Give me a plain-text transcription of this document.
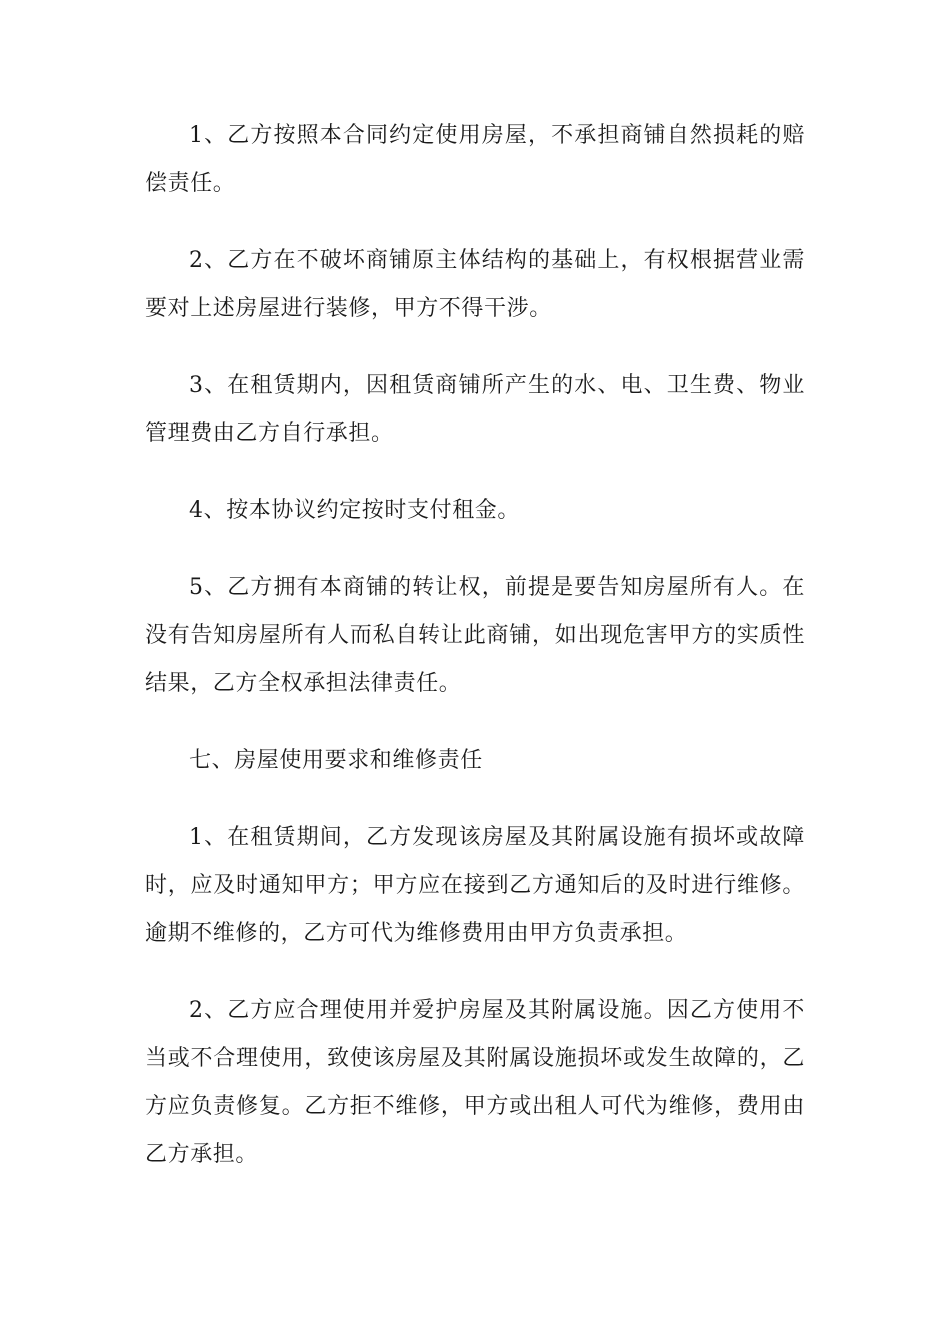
1、乙方按照本合同约定使用房屋，不承担商铺自然损耗的赔偿责任。

2、乙方在不破坏商铺原主体结构的基础上，有权根据营业需要对上述房屋进行装修，甲方不得干涉。

3、在租赁期内，因租赁商铺所产生的水、电、卫生费、物业管理费由乙方自行承担。

4、按本协议约定按时支付租金。

5、乙方拥有本商铺的转让权，前提是要告知房屋所有人。在没有告知房屋所有人而私自转让此商铺，如出现危害甲方的实质性结果，乙方全权承担法律责任。

七、房屋使用要求和维修责任

1、在租赁期间，乙方发现该房屋及其附属设施有损坏或故障时，应及时通知甲方；甲方应在接到乙方通知后的及时进行维修。逾期不维修的，乙方可代为维修费用由甲方负责承担。

2、乙方应合理使用并爱护房屋及其附属设施。因乙方使用不当或不合理使用，致使该房屋及其附属设施损坏或发生故障的，乙方应负责修复。乙方拒不维修，甲方或出租人可代为维修，费用由乙方承担。
